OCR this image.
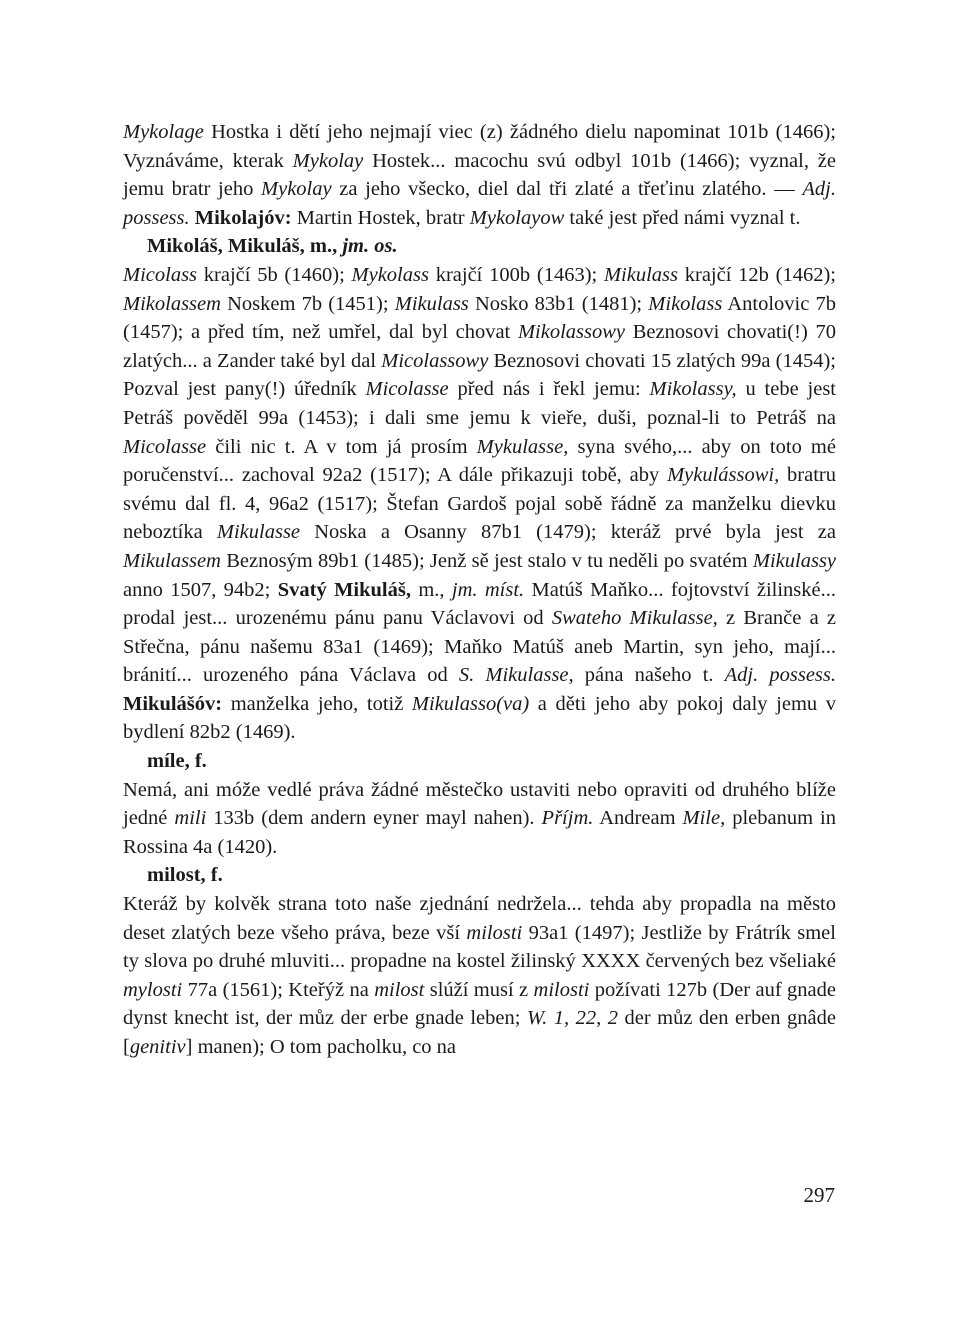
Mykolage Hostka i dětí jeho nejmají viec (z) žádného dielu napominat 101b (1466); Vyznáváme, kterak Mykolay Hostek... macochu svú odbyl 101b (1466); vyznal, že jemu bratr jeho Mykolay za jeho všecko, diel dal tři zlaté a třeťinu zlatého. — Adj. possess. Mikolajóv: Martin Hostek, bratr Mykolayow také jest před námi vyznal t.

Mikoláš, Mikuláš, m., jm. os.

Micolass krajčí 5b (1460); Mykolass krajčí 100b (1463); Mikulass krajčí 12b (1462); Mikolassem Noskem 7b (1451); Mikulass Nosko 83b1 (1481); Mikolass Antolovic 7b (1457); a před tím, než umřel, dal byl chovat Mikolassowy Beznosovi chovati(!) 70 zlatých... a Zander také byl dal Micolassowy Beznosovi chovati 15 zlatých 99a (1454); Pozval jest pany(!) úředník Micolasse před nás i řekl jemu: Mikolassy, u tebe jest Petráš pověděl 99a (1453); i dali sme jemu k vieře, duši, poznal-li to Petráš na Micolasse čili nic t. A v tom já prosím Mykulasse, syna svého,... aby on toto mé poručenství... zachoval 92a2 (1517); A dále přikazuji tobě, aby Mykulássowi, bratru svému dal fl. 4, 96a2 (1517); Štefan Gardoš pojal sobě řádně za manželku dievku neboztíka Mikulasse Noska a Osanny 87b1 (1479); kteráž prvé byla jest za Mikulassem Beznosým 89b1 (1485); Jenž sě jest stalo v tu neděli po svatém Mikulassy anno 1507, 94b2; Svatý Mikuláš, m., jm. míst. Matúš Maňko... fojtovství žilinské... prodal jest... urozenému pánu panu Václavovi od Swateho Mikulasse, z Branče a z Střečna, pánu našemu 83a1 (1469); Maňko Matúš aneb Martin, syn jeho, mají... bránití... urozeného pána Václava od S. Mikulasse, pána našeho t. Adj. possess. Mikulášóv: manželka jeho, totiž Mikulasso(va) a děti jeho aby pokoj daly jemu v bydlení 82b2 (1469).

míle, f.

Nemá, ani móže vedlé práva žádné městečko ustaviti nebo opraviti od druhého blíže jedné mili 133b (dem andern eyner mayl nahen). Příjm. Andream Mile, plebanum in Rossina 4a (1420).

milost, f.

Kteráž by kolvěk strana toto naše zjednání nedržela... tehda aby propadla na město deset zlatých beze všeho práva, beze vší milosti 93a1 (1497); Jestliže by Frátrík smel ty slova po druhé mluviti... propadne na kostel žilinský XXXX červených bez všeliaké mylosti 77a (1561); Kteřýž na milost slúží musí z milosti požívati 127b (Der auf gnade dynst knecht ist, der můz der erbe gnade leben; W. 1, 22, 2 der můz den erben gnâde [genitiv] manen); O tom pacholku, co na

297
